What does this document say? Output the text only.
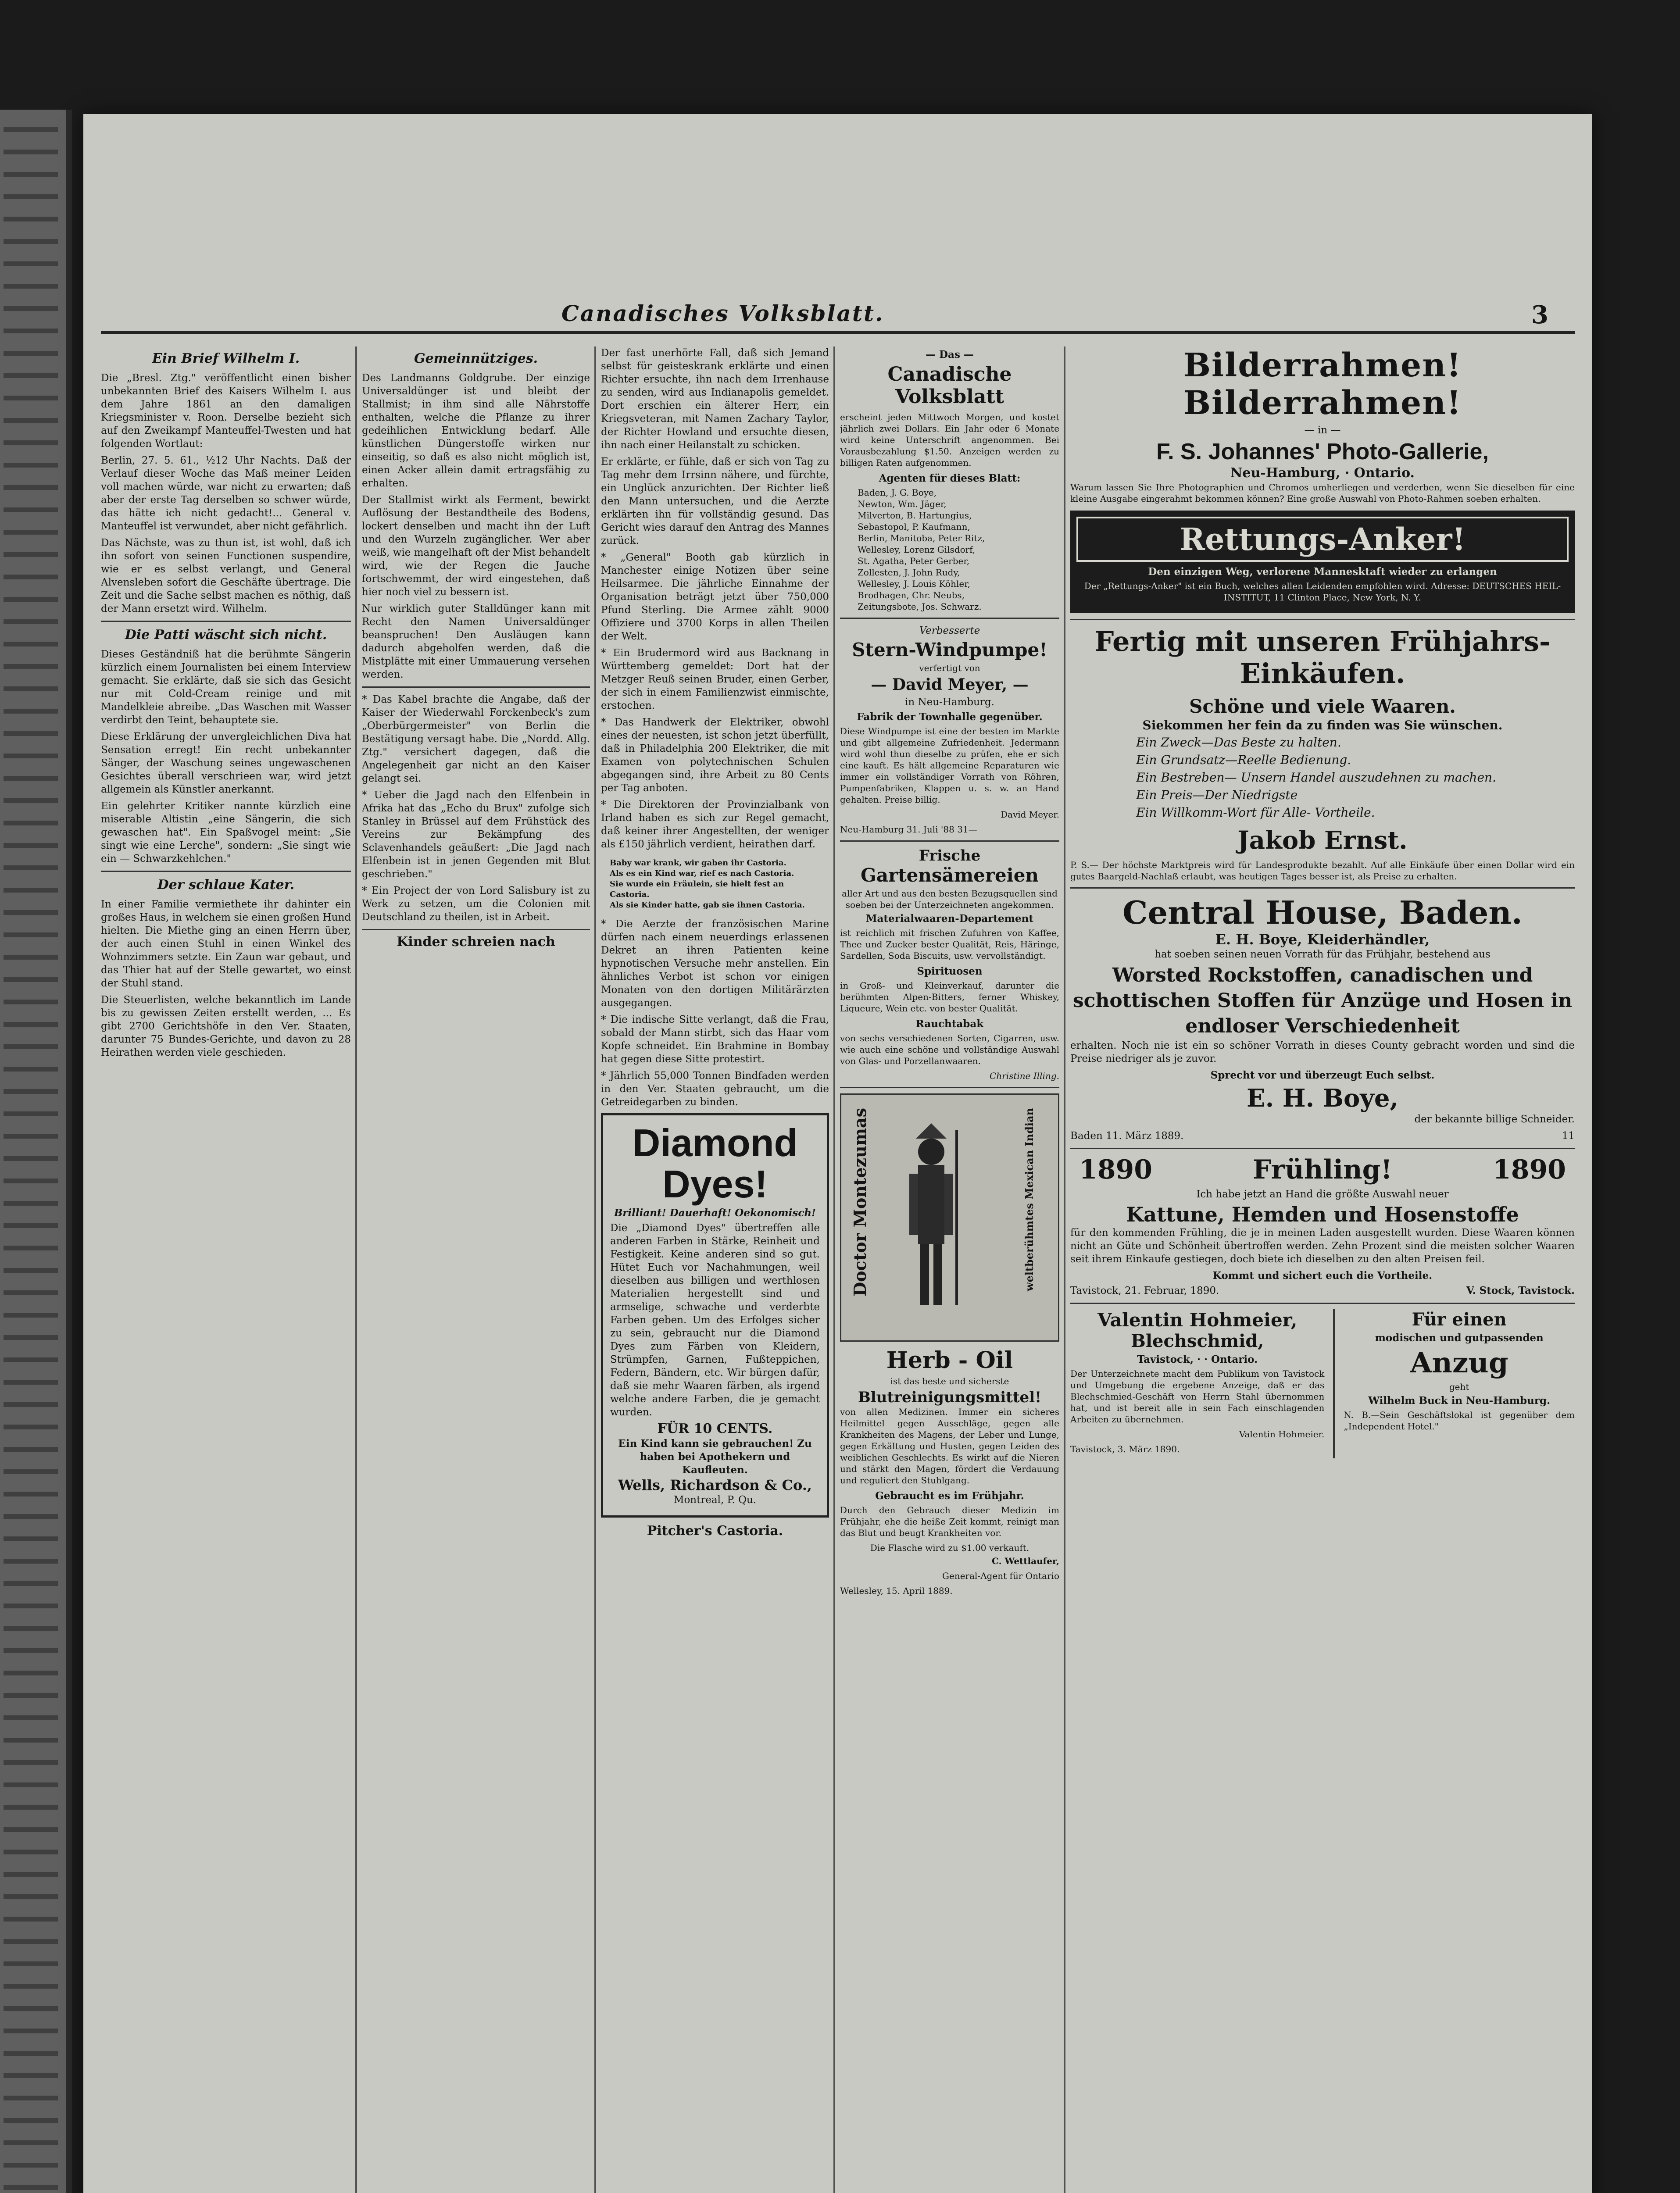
Canadisches Volksblatt.	3
Ein Brief Wilhelm I.

Die „Bresl. Ztg." veröffentlicht einen bisher unbekannten Brief des Kaisers Wilhelm I. aus dem Jahre 1861 an den damaligen Kriegsminister v. Roon. Derselbe bezieht sich auf den Zweikampf Manteuffel-Twesten und hat folgenden Wortlaut:

Berlin, 27. 5. 61., ½12 Uhr Nachts. Daß der Verlauf dieser Woche das Maß meiner Leiden voll machen würde, war nicht zu erwarten; daß aber der erste Tag derselben so schwer würde, das hätte ich nicht gedacht!... General v. Manteuffel ist verwundet, aber nicht gefährlich.

Das Nächste, was zu thun ist, ist wohl, daß ich ihn sofort von seinen Functionen suspendire, wie er es selbst verlangt, und General Alvensleben sofort die Geschäfte übertrage. Die Zeit und die Sache selbst machen es nöthig, daß der Mann ersetzt wird. Wilhelm.

Die Patti wäscht sich nicht.

Dieses Geständniß hat die berühmte Sängerin kürzlich einem Journalisten bei einem Interview gemacht. Sie erklärte, daß sie sich das Gesicht nur mit Cold-Cream reinige und mit Mandelkleie abreibe. „Das Waschen mit Wasser verdirbt den Teint, behauptete sie.

Diese Erklärung der unvergleichlichen Diva hat Sensation erregt! Ein recht unbekannter Sänger, der Waschung seines ungewaschenen Gesichtes überall verschrieen war, wird jetzt allgemein als Künstler anerkannt.

Ein gelehrter Kritiker nannte kürzlich eine miserable Altistin „eine Sängerin, die sich gewaschen hat". Ein Spaßvogel meint: „Sie singt wie eine Lerche", sondern: „Sie singt wie ein — Schwarzkehlchen."

Der schlaue Kater.

In einer Familie vermiethete ihr dahinter ein großes Haus, in welchem sie einen großen Hund hielten. Die Miethe ging an einen Herrn über, der auch einen Stuhl in einen Winkel des Wohnzimmers setzte. Ein Zaun war gebaut, und das Thier hat auf der Stelle gewartet, wo einst der Stuhl stand.

Die Steuerlisten, welche bekanntlich im Lande bis zu gewissen Zeiten erstellt werden, ... Es gibt 2700 Gerichtshöfe in den Ver. Staaten, darunter 75 Bundes-Gerichte, und davon zu 28 Heirathen werden viele geschieden.

Gemeinnütziges.

Des Landmanns Goldgrube. Der einzige Universaldünger ist und bleibt der Stallmist; in ihm sind alle Nährstoffe enthalten, welche die Pflanze zu ihrer gedeihlichen Entwicklung bedarf. Alle künstlichen Düngerstoffe wirken nur einseitig, so daß es also nicht möglich ist, einen Acker allein damit ertragsfähig zu erhalten.

Der Stallmist wirkt als Ferment, bewirkt Auflösung der Bestandtheile des Bodens, lockert denselben und macht ihn der Luft und den Wurzeln zugänglicher. Wer aber weiß, wie mangelhaft oft der Mist behandelt wird, wie der Regen die Jauche fortschwemmt, der wird eingestehen, daß hier noch viel zu bessern ist.

Nur wirklich guter Stalldünger kann mit Recht den Namen Universaldünger beanspruchen! Den Ausläugen kann dadurch abgeholfen werden, daß die Mistplätte mit einer Ummauerung versehen werden.

* Das Kabel brachte die Angabe, daß der Kaiser der Wiederwahl Forckenbeck's zum „Oberbürgermeister" von Berlin die Bestätigung versagt habe. Die „Nordd. Allg. Ztg." versichert dagegen, daß die Angelegenheit gar nicht an den Kaiser gelangt sei.

* Ueber die Jagd nach den Elfenbein in Afrika hat das „Echo du Brux" zufolge sich Stanley in Brüssel auf dem Frühstück des Vereins zur Bekämpfung des Sclavenhandels geäußert: „Die Jagd nach Elfenbein ist in jenen Gegenden mit Blut geschrieben."

* Ein Project der von Lord Salisbury ist zu Werk zu setzen, um die Colonien mit Deutschland zu theilen, ist in Arbeit.

Kinder schreien nach

Der fast unerhörte Fall, daß sich Jemand selbst für geisteskrank erklärte und einen Richter ersuchte, ihn nach dem Irrenhause zu senden, wird aus Indianapolis gemeldet. Dort erschien ein älterer Herr, ein Kriegsveteran, mit Namen Zachary Taylor, der Richter Howland und ersuchte diesen, ihn nach einer Heilanstalt zu schicken.

Er erklärte, er fühle, daß er sich von Tag zu Tag mehr dem Irrsinn nähere, und fürchte, ein Unglück anzurichten. Der Richter ließ den Mann untersuchen, und die Aerzte erklärten ihn für vollständig gesund. Das Gericht wies darauf den Antrag des Mannes zurück.

* „General" Booth gab kürzlich in Manchester einige Notizen über seine Heilsarmee. Die jährliche Einnahme der Organisation beträgt jetzt über 750,000 Pfund Sterling. Die Armee zählt 9000 Offiziere und 3700 Korps in allen Theilen der Welt.

* Ein Brudermord wird aus Backnang in Württemberg gemeldet: Dort hat der Metzger Reuß seinen Bruder, einen Gerber, der sich in einem Familienzwist einmischte, erstochen.

* Das Handwerk der Elektriker, obwohl eines der neuesten, ist schon jetzt überfüllt, daß in Philadelphia 200 Elektriker, die mit Examen von polytechnischen Schulen abgegangen sind, ihre Arbeit zu 80 Cents per Tag anboten.

* Die Direktoren der Provinzialbank von Irland haben es sich zur Regel gemacht, daß keiner ihrer Angestellten, der weniger als £150 jährlich verdient, heirathen darf.

Baby war krank, wir gaben ihr Castoria.
Als es ein Kind war, rief es nach Castoria.
Sie wurde ein Fräulein, sie hielt fest an Castoria.
Als sie Kinder hatte, gab sie ihnen Castoria.

* Die Aerzte der französischen Marine dürfen nach einem neuerdings erlassenen Dekret an ihren Patienten keine hypnotischen Versuche mehr anstellen. Ein ähnliches Verbot ist schon vor einigen Monaten von den dortigen Militärärzten ausgegangen.

* Die indische Sitte verlangt, daß die Frau, sobald der Mann stirbt, sich das Haar vom Kopfe schneidet. Ein Brahmine in Bombay hat gegen diese Sitte protestirt.

* Jährlich 55,000 Tonnen Bindfaden werden in den Ver. Staaten gebraucht, um die Getreidegarben zu binden.

Diamond
Dyes!

Brilliant! Dauerhaft! Oekonomisch!

Die „Diamond Dyes" übertreffen alle anderen Farben in Stärke, Reinheit und Festigkeit. Keine anderen sind so gut. Hütet Euch vor Nachahmungen, weil dieselben aus billigen und werthlosen Materialien hergestellt sind und armselige, schwache und verderbte Farben geben. Um des Erfolges sicher zu sein, gebraucht nur die Diamond Dyes zum Färben von Kleidern, Strümpfen, Garnen, Fußteppichen, Federn, Bändern, etc. Wir bürgen dafür, daß sie mehr Waaren färben, als irgend welche andere Farben, die je gemacht wurden.

FÜR 10 CENTS.

Ein Kind kann sie gebrauchen! Zu haben bei Apothekern und Kaufleuten.

Wells, Richardson & Co.,

Montreal, P. Qu.

Pitcher's Castoria.

— Das —

Canadische Volksblatt

erscheint jeden Mittwoch Morgen, und kostet jährlich zwei Dollars. Ein Jahr oder 6 Monate wird keine Unterschrift angenommen. Bei Vorausbezahlung $1.50. Anzeigen werden zu billigen Raten aufgenommen.

Agenten für dieses Blatt:

Baden, J. G. Boye,

Newton, Wm. Jäger,

Milverton, B. Hartungius,

Sebastopol, P. Kaufmann,

Berlin, Manitoba, Peter Ritz,

Wellesley, Lorenz Gilsdorf,

St. Agatha, Peter Gerber,

Zollesten, J. John Rudy,

Wellesley, J. Louis Köhler,

Brodhagen, Chr. Neubs,

Zeitungsbote, Jos. Schwarz.

Verbesserte

Stern-Windpumpe!

verfertigt von

— David Meyer, —

in Neu-Hamburg.

Fabrik der Townhalle gegenüber.

Diese Windpumpe ist eine der besten im Markte und gibt allgemeine Zufriedenheit. Jedermann wird wohl thun dieselbe zu prüfen, ehe er sich eine kauft. Es hält allgemeine Reparaturen wie immer ein vollständiger Vorrath von Röhren, Pumpenfabriken, Klappen u. s. w. an Hand gehalten. Preise billig.

David Meyer.

Neu-Hamburg 31. Juli '88 31—

Frische
Gartensämereien

aller Art und aus den besten Bezugsquellen sind soeben bei der Unterzeichneten angekommen.

Materialwaaren-Departement

ist reichlich mit frischen Zufuhren von Kaffee, Thee und Zucker bester Qualität, Reis, Häringe, Sardellen, Soda Biscuits, usw. vervollständigt.

Spirituosen

in Groß- und Kleinverkauf, darunter die berühmten Alpen-Bitters, ferner Whiskey, Liqueure, Wein etc. von bester Qualität.

Rauchtabak

von sechs verschiedenen Sorten, Cigarren, usw. wie auch eine schöne und vollständige Auswahl von Glas- und Porzellanwaaren.

Christine Illing.

Doctor Montezumas	weltberühmtes Mexican Indian
Herb - Oil

ist das beste und sicherste

Blutreinigungsmittel!

von allen Medizinen. Immer ein sicheres Heilmittel gegen Ausschläge, gegen alle Krankheiten des Magens, der Leber und Lunge, gegen Erkältung und Husten, gegen Leiden des weiblichen Geschlechts. Es wirkt auf die Nieren und stärkt den Magen, fördert die Verdauung und reguliert den Stuhlgang.

Gebraucht es im Frühjahr.

Durch den Gebrauch dieser Medizin im Frühjahr, ehe die heiße Zeit kommt, reinigt man das Blut und beugt Krankheiten vor.

Die Flasche wird zu $1.00 verkauft.

C. Wettlaufer,

General-Agent für Ontario

Wellesley, 15. April 1889.

Bilderrahmen! Bilderrahmen!

— in —

F. S. Johannes' Photo-Gallerie,

Neu-Hamburg, · Ontario.

Warum lassen Sie Ihre Photographien und Chromos umherliegen und verderben, wenn Sie dieselben für eine kleine Ausgabe eingerahmt bekommen können? Eine große Auswahl von Photo-Rahmen soeben erhalten.

Rettungs-Anker!

Den einzigen Weg, verlorene Mannesktaft wieder zu erlangen

Der „Rettungs-Anker" ist ein Buch, welches allen Leidenden empfohlen wird. Adresse: DEUTSCHES HEIL-INSTITUT, 11 Clinton Place, New York, N. Y.

Fertig mit unseren Frühjahrs-
Einkäufen.
Schöne und viele Waaren.

Siekommen her fein da zu finden was Sie wünschen.

Ein Zweck—Das Beste zu halten.

Ein Grundsatz—Reelle Bedienung.

Ein Bestreben— Unsern Handel auszudehnen zu machen.

Ein Preis—Der Niedrigste

Ein Willkomm-Wort für Alle- Vortheile.

Jakob Ernst.

P. S.— Der höchste Marktpreis wird für Landesprodukte bezahlt. Auf alle Einkäufe über einen Dollar wird ein gutes Baargeld-Nachlaß erlaubt, was heutigen Tages besser ist, als Preise zu erhalten.

Central House, Baden.

E. H. Boye, Kleiderhändler,

hat soeben seinen neuen Vorrath für das Frühjahr, bestehend aus

Worsted Rockstoffen, canadischen und schottischen Stoffen für Anzüge und Hosen in endloser Verschiedenheit

erhalten. Noch nie ist ein so schöner Vorrath in dieses County gebracht worden und sind die Preise niedriger als je zuvor.

Sprecht vor und überzeugt Euch selbst.

E. H. Boye,

der bekannte billige Schneider.

Baden 11. März 1889.	11

1890	Frühling!	1890

Ich habe jetzt an Hand die größte Auswahl neuer

Kattune, Hemden und Hosenstoffe

für den kommenden Frühling, die je in meinen Laden ausgestellt wurden. Diese Waaren können nicht an Güte und Schönheit übertroffen werden. Zehn Prozent sind die meisten solcher Waaren seit ihrem Einkaufe gestiegen, doch biete ich dieselben zu den alten Preisen feil.

Kommt und sichert euch die Vortheile.

Tavistock, 21. Februar, 1890.	V. Stock, Tavistock.

Valentin Hohmeier,
Blechschmid,

Tavistock, · · Ontario.

Der Unterzeichnete macht dem Publikum von Tavistock und Umgebung die ergebene Anzeige, daß er das Blechschmied-Geschäft von Herrn Stahl übernommen hat, und ist bereit alle in sein Fach einschlagenden Arbeiten zu übernehmen.

Valentin Hohmeier.

Tavistock, 3. März 1890.

Für einen

modischen und gutpassenden

Anzug

geht

Wilhelm Buck in Neu-Hamburg.

N. B.—Sein Geschäftslokal ist gegenüber dem „Independent Hotel."
